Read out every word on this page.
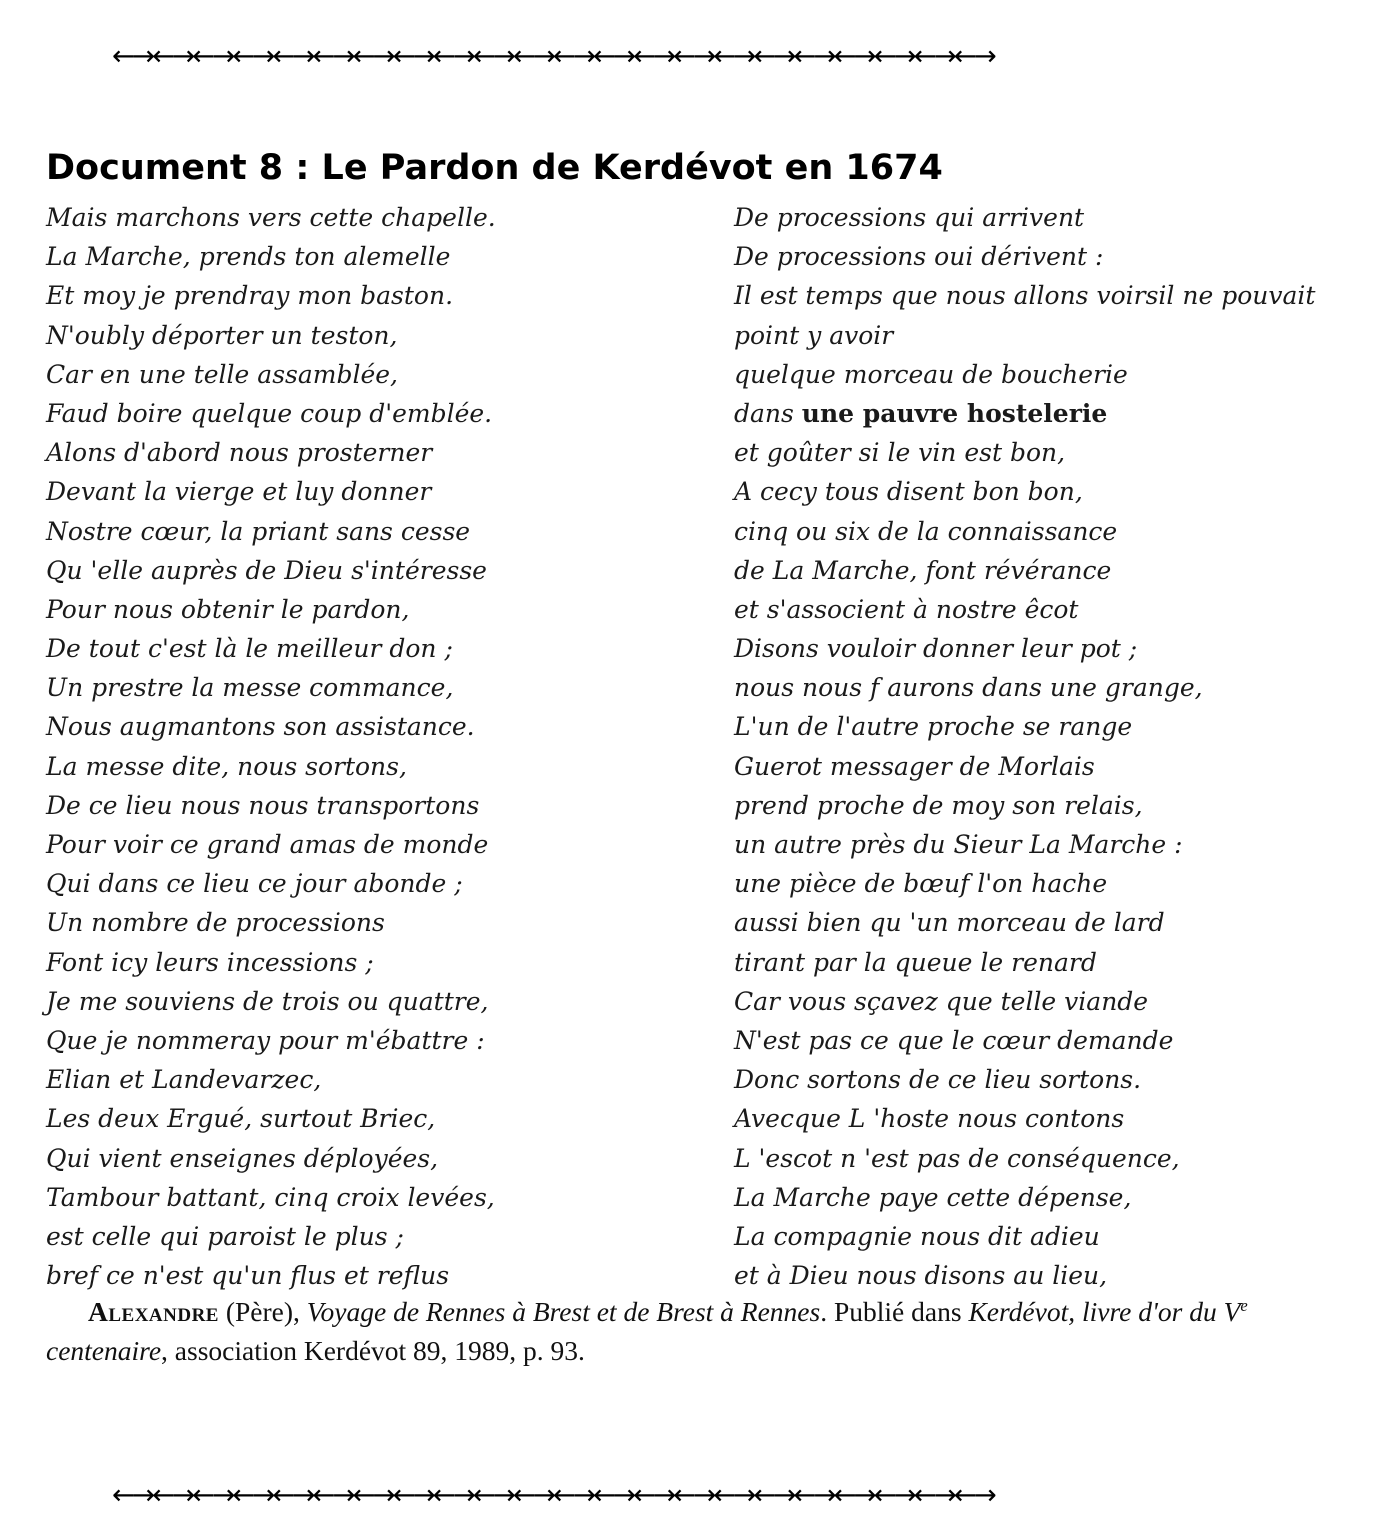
←→←→←→←→←→←→←→←→←→←→←→←→←→←→←→←→←→←→←→←→←→←→
Document 8 : Le Pardon de Kerdévot en 1674
Mais marchons vers cette chapelle.
La Marche, prends ton alemelle
Et moy je prendray mon baston.
N'oubly déporter un teston,
Car en une telle assamblée,
Faud boire quelque coup d'emblée.
Alons d'abord nous prosterner
Devant la vierge et luy donner
Nostre cœur, la priant sans cesse
Qu 'elle auprès de Dieu s'intéresse
Pour nous obtenir le pardon,
De tout c'est là le meilleur don ;
Un prestre la messe commance,
Nous augmantons son assistance.
La messe dite, nous sortons,
De ce lieu nous nous transportons
Pour voir ce grand amas de monde
Qui dans ce lieu ce jour abonde ;
Un nombre de processions
Font icy leurs incessions ;
Je me souviens de trois ou quattre,
Que je nommeray pour m'ébattre :
Elian et Landevarzec,
Les deux Ergué, surtout Briec,
Qui vient enseignes déployées,
Tambour battant, cinq croix levées,
est celle qui paroist le plus ;
bref ce n'est qu'un flus et reflus
De processions qui arrivent
De processions oui dérivent :
Il est temps que nous allons voirsil ne pouvait
point y avoir
quelque morceau de boucherie
dans une pauvre hostelerie
et goûter si le vin est bon,
A cecy tous disent bon bon,
cinq ou six de la connaissance
de La Marche, font révérance
et s'associent à nostre êcot
Disons vouloir donner leur pot ;
nous nous f aurons dans une grange,
L'un de l'autre proche se range
Guerot messager de Morlais
prend proche de moy son relais,
un autre près du Sieur La Marche :
une pièce de bœuf l'on hache
aussi bien qu 'un morceau de lard
tirant par la queue le renard
Car vous sçavez que telle viande
N'est pas ce que le cœur demande
Donc sortons de ce lieu sortons.
Avecque L 'hoste nous contons
L 'escot n 'est pas de conséquence,
La Marche paye cette dépense,
La compagnie nous dit adieu
et à Dieu nous disons au lieu,
Alexandre (Père), Voyage de Rennes à Brest et de Brest à Rennes. Publié dans Kerdévot, livre d'or du Ve centenaire, association Kerdévot 89, 1989, p. 93.
←→←→←→←→←→←→←→←→←→←→←→←→←→←→←→←→←→←→←→←→←→←→
